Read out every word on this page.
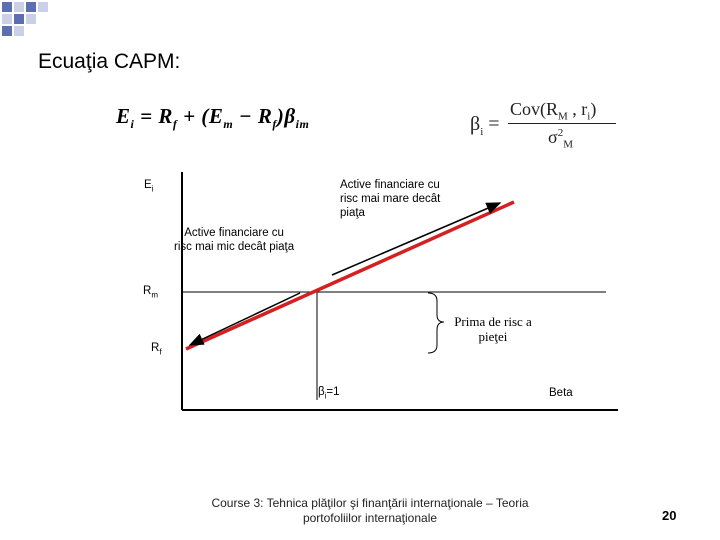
Ecuaţia CAPM:
$E_i = R_f + (E_m - R_f)\beta_{im}$	$\beta_i$ =
$Cov(R_M$ , $r_i$)
$\sigma^2_M$
$E_i$
$R_m$
$R_f$
Beta
$\beta_i=1$
Active financiare cu
risc mai mare decât
piaţa
Active financiare cu
risc mai mic decât piaţa
Prima de risc a
pieţei
Course 3: Tehnica plăţilor şi finanţării internaţionale – Teoria
portofoliilor internaţionale	20
